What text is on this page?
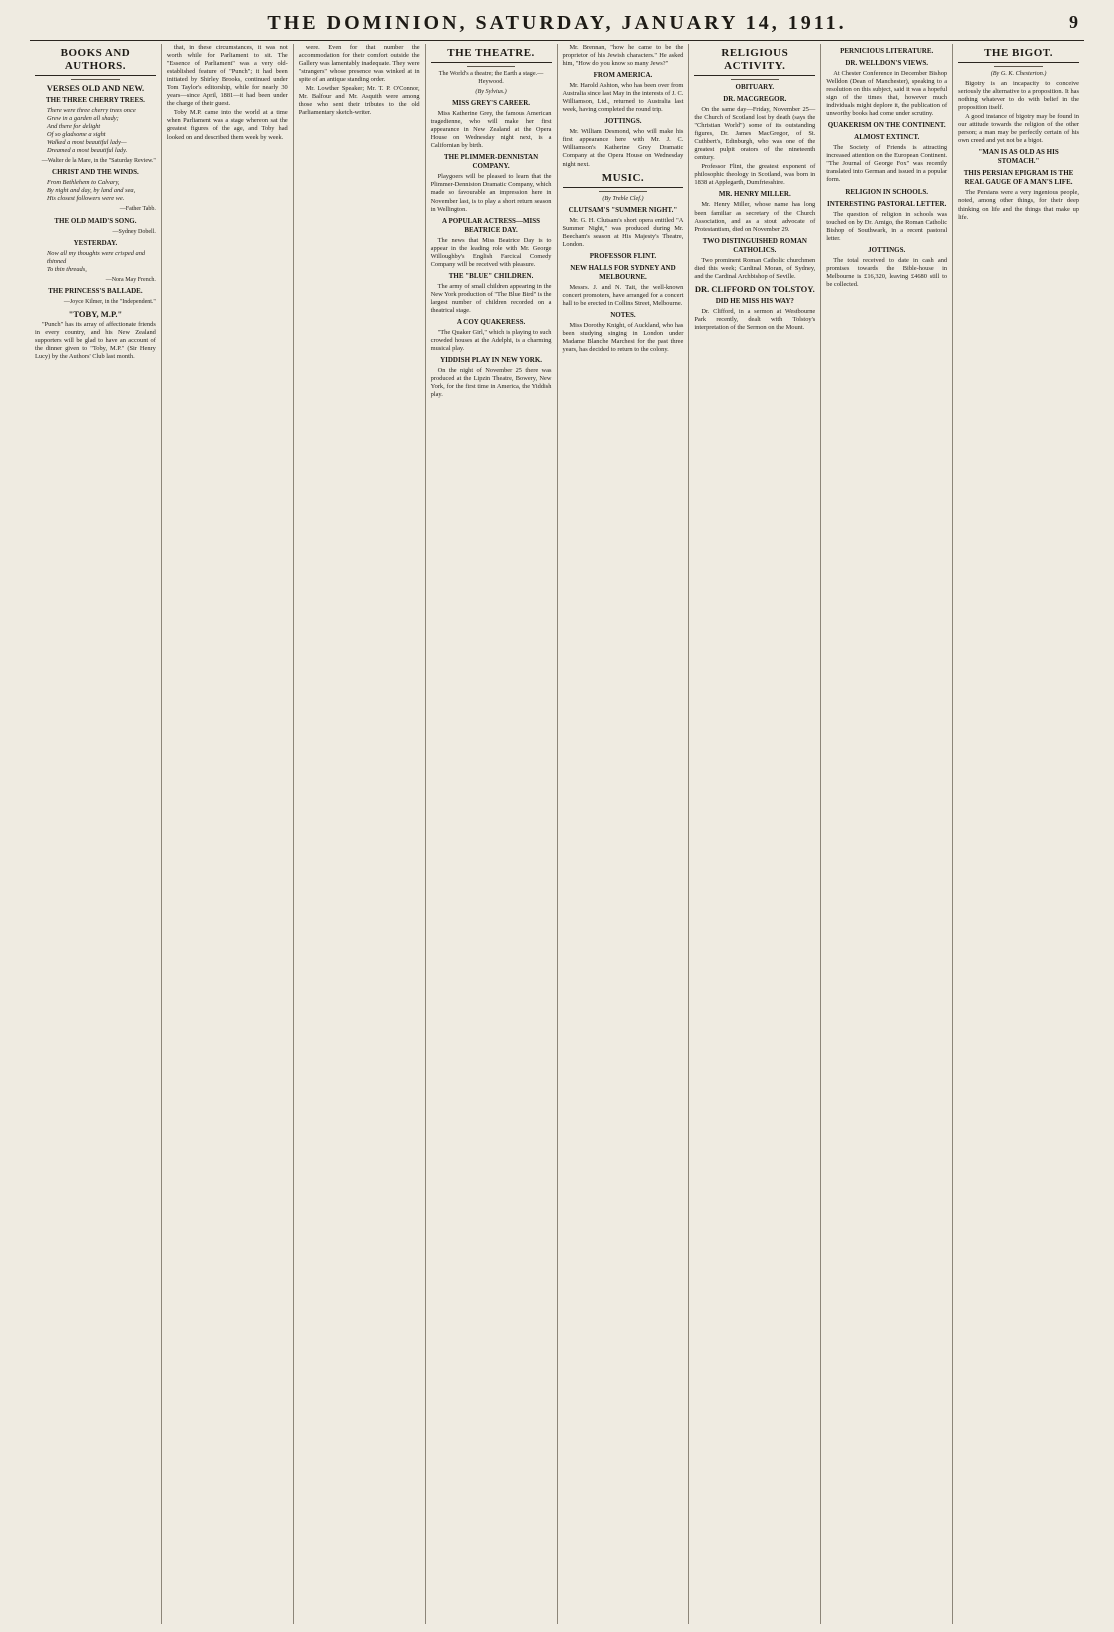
THE DOMINION, SATURDAY, JANUARY 14, 1911.	9
BOOKS AND AUTHORS.
VERSES OLD AND NEW.
THE THREE CHERRY TREES.
There were three cherry trees once
Grew in a garden all shady;
And there for delight
Of so gladsome a sight
Walked a most beautiful lady—
Dreamed a most beautiful lady.
—Walter de la Mare, in the "Saturday Review."
CHRIST AND THE WINDS.
From Bethlehem to Calvary,
By night and day, by land and sea,
His closest followers were we.
—Father Tabb.
THE OLD MAID'S SONG.
—Sydney Dobell.
YESTERDAY.
Now all my thoughts were crisped and thinned
To thin threads,
—Nora May French.
THE PRINCESS'S BALLADE.
—Joyce Kilmer, in the "Independent."
"TOBY, M.P."

"Punch" has its array of affectionate friends in every country, and his New Zealand supporters will be glad to have an account of the dinner given to "Toby, M.P." (Sir Henry Lucy) by the Authors' Club last month.

that, in these circumstances, it was not worth while for Parliament to sit. The "Essence of Parliament" was a very old-established feature of "Punch"; it had been initiated by Shirley Brooks, continued under Tom Taylor's editorship, while for nearly 30 years—since April, 1881—it had been under the charge of their guest.

Toby M.P. came into the world at a time when Parliament was a stage whereon sat the greatest figures of the age, and Toby had looked on and described them week by week.

were. Even for that number the accommodation for their comfort outside the Gallery was lamentably inadequate. They were "strangers" whose presence was winked at in spite of an antique standing order.

Mr. Lowther Speaker; Mr. T. P. O'Connor, Mr. Balfour and Mr. Asquith were among those who sent their tributes to the old Parliamentary sketch-writer.

THE THEATRE.
The World's a theatre; the Earth a stage.—Heywood.
(By Sylvius.)
MISS GREY'S CAREER.

Miss Katherine Grey, the famous American tragedienne, who will make her first appearance in New Zealand at the Opera House on Wednesday night next, is a Californian by birth.

THE PLIMMER-DENNISTAN COMPANY.

Playgoers will be pleased to learn that the Plimmer-Denniston Dramatic Company, which made so favourable an impression here in November last, is to play a short return season in Wellington.

A POPULAR ACTRESS—MISS BEATRICE DAY.

The news that Miss Beatrice Day is to appear in the leading role with Mr. George Willoughby's English Farcical Comedy Company will be received with pleasure.

THE "BLUE" CHILDREN.

The army of small children appearing in the New York production of "The Blue Bird" is the largest number of children recorded on a theatrical stage.

A COY QUAKERESS.

"The Quaker Girl," which is playing to such crowded houses at the Adelphi, is a charming musical play.

YIDDISH PLAY IN NEW YORK.

On the night of November 25 there was produced at the Lipzin Theatre, Bowery, New York, for the first time in America, the Yiddish play.

Mr. Brennan, "how he came to be the proprietor of his Jewish characters." He asked him, "How do you know so many Jews?"

FROM AMERICA.

Mr. Harold Ashton, who has been over from Australia since last May in the interests of J. C. Williamson, Ltd., returned to Australia last week, having completed the round trip.

JOTTINGS.

Mr. William Desmond, who will make his first appearance here with Mr. J. C. Williamson's Katherine Grey Dramatic Company at the Opera House on Wednesday night next.

MUSIC.
(By Treble Clef.)
CLUTSAM'S "SUMMER NIGHT."

Mr. G. H. Clutsam's short opera entitled "A Summer Night," was produced during Mr. Beecham's season at His Majesty's Theatre, London.

PROFESSOR FLINT.
NEW HALLS FOR SYDNEY AND MELBOURNE.

Messrs. J. and N. Tait, the well-known concert promoters, have arranged for a concert hall to be erected in Collins Street, Melbourne.

NOTES.

Miss Dorothy Knight, of Auckland, who has been studying singing in London under Madame Blanche Marchesi for the past three years, has decided to return to the colony.

RELIGIOUS ACTIVITY.
OBITUARY.
DR. MACGREGOR.

On the same day—Friday, November 25—the Church of Scotland lost by death (says the "Christian World") some of its outstanding figures, Dr. James MacGregor, of St. Cuthbert's, Edinburgh, who was one of the greatest pulpit orators of the nineteenth century.

Professor Flint, the greatest exponent of philosophic theology in Scotland, was born in 1838 at Applegarth, Dumfriesshire.

MR. HENRY MILLER.

Mr. Henry Miller, whose name has long been familiar as secretary of the Church Association, and as a stout advocate of Protestantism, died on November 29.

TWO DISTINGUISHED ROMAN CATHOLICS.

Two prominent Roman Catholic churchmen died this week; Cardinal Moran, of Sydney, and the Cardinal Archbishop of Seville.

DR. CLIFFORD ON TOLSTOY.
DID HE MISS HIS WAY?

Dr. Clifford, in a sermon at Westbourne Park recently, dealt with Tolstoy's interpretation of the Sermon on the Mount.

PERNICIOUS LITERATURE.
DR. WELLDON'S VIEWS.

At Chester Conference in December Bishop Welldon (Dean of Manchester), speaking to a resolution on this subject, said it was a hopeful sign of the times that, however much individuals might deplore it, the publication of unworthy books had come under scrutiny.

QUAKERISM ON THE CONTINENT.
ALMOST EXTINCT.

The Society of Friends is attracting increased attention on the European Continent. "The Journal of George Fox" was recently translated into German and issued in a popular form.

RELIGION IN SCHOOLS.
INTERESTING PASTORAL LETTER.

The question of religion in schools was touched on by Dr. Amigo, the Roman Catholic Bishop of Southwark, in a recent pastoral letter.

JOTTINGS.

The total received to date in cash and promises towards the Bible-house in Melbourne is £16,320, leaving £4680 still to be collected.

THE BIGOT.
(By G. K. Chesterton.)

Bigotry is an incapacity to conceive seriously the alternative to a proposition. It has nothing whatever to do with belief in the proposition itself.

A good instance of bigotry may be found in our attitude towards the religion of the other person; a man may be perfectly certain of his own creed and yet not be a bigot.

"MAN IS AS OLD AS HIS STOMACH."
THIS PERSIAN EPIGRAM IS THE REAL GAUGE OF A MAN'S LIFE.

The Persians were a very ingenious people, noted, among other things, for their deep thinking on life and the things that make up life.
